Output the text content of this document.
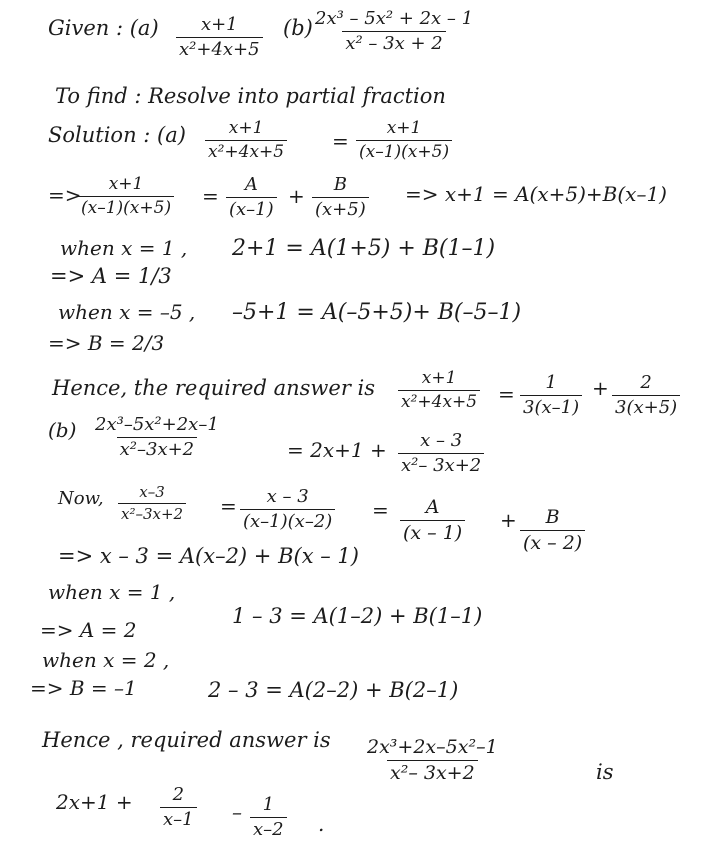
Given : $(a) \frac{x+1}{\text{x²+4x+5}} (b) \frac{\text{2x³ – 5x² + 2x – 1}}{\text{x² – 3x + 2}}$
To find : Resolve into partial fraction
Solution : $(a) \frac{x+1}{\text{x²+4x+5}} = \frac{x+1}{(x-1)(x+5)}$
=>
$\frac{x+1}{(x-1)(x+5)} = \frac{A}{(x-1)} + \frac{B}{(x+5)} => x+1 = A(x+5)+B(x-1)$
when x = 1 , 2+1 = A(1+5) + B(1–1)
=> A = 1/3
when x = –5 , –5+1 = A(–5+5)+ B(–5–1)
=> B = 2/3
Hence, the required answer is $\frac{x+1}{\text{x²+4x+5}} = \frac{1}{3(x-1)} + \frac{2}{3(x+5)}$
$(b) \frac{\text{2x³–5x²+2x–1}}{\text{x²–3x+2}}$	= $2x+1 + \frac{x - 3}{\text{x²– 3x+2}}$
Now, $\frac{x-3}{\text{x²–3x+2}} = \frac{x - 3}{(x-1)(x-2)} = \frac{A}{(x - 1)} + \frac{B}{(x - 2)}$
=> x – 3 = A(x–2) + B(x – 1)
when x = 1 ,
1 – 3 = A(1–2) + B(1–1)
=> A = 2
when x = 2 ,
2 – 3 = A(2–2) + B(2–1)
=> B = –1
Hence , required answer is $\frac{\text{2x³+2x–5x²–1}}{\text{x²– 3x+2}}$	is
$2x+1 + \frac{2}{x-1} - \frac{1}{x-2}$ .
